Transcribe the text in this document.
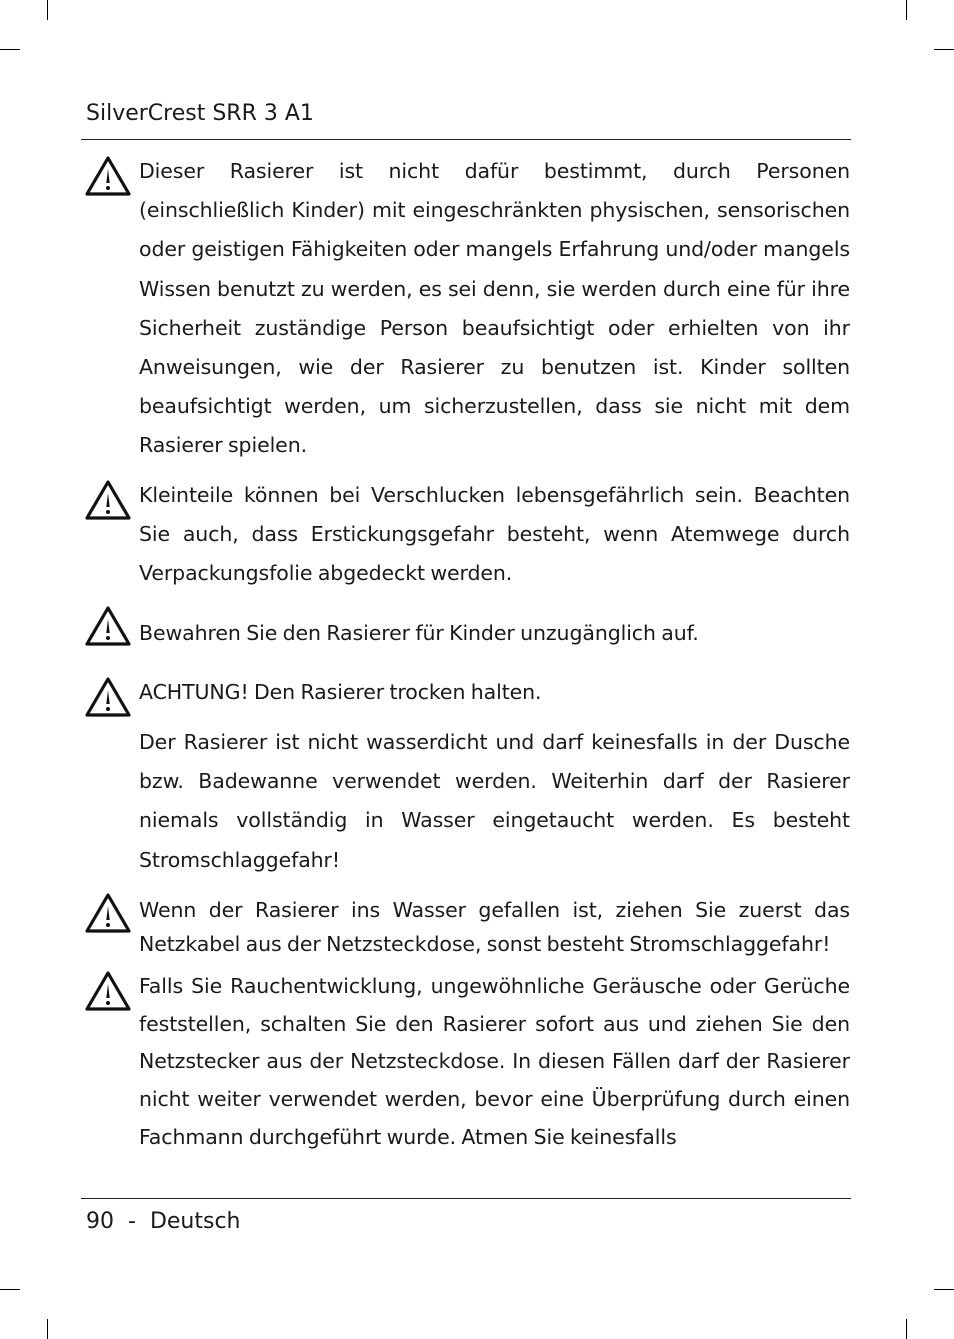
SilverCrest SRR 3 A1

Dieser Rasierer ist nicht dafür bestimmt, durch Personen (einschließlich Kinder) mit eingeschränkten physischen, sensorischen oder geistigen Fähigkeiten oder mangels Erfahrung und/oder mangels Wissen benutzt zu werden, es sei denn, sie werden durch eine für ihre Sicherheit zuständige Person beaufsichtigt oder erhielten von ihr Anweisungen, wie der Rasierer zu benutzen ist. Kinder sollten beaufsichtigt werden, um sicherzustellen, dass sie nicht mit dem Rasierer spielen.

Kleinteile können bei Verschlucken lebensgefährlich sein. Beachten Sie auch, dass Erstickungsgefahr besteht, wenn Atemwege durch Verpackungsfolie abgedeckt werden.

Bewahren Sie den Rasierer für Kinder unzugänglich auf.

ACHTUNG! Den Rasierer trocken halten.

Der Rasierer ist nicht wasserdicht und darf keinesfalls in der Dusche bzw. Badewanne verwendet werden. Weiterhin darf der Rasierer niemals vollständig in Wasser eingetaucht werden. Es besteht Stromschlaggefahr!

Wenn der Rasierer ins Wasser gefallen ist, ziehen Sie zuerst das Netzkabel aus der Netzsteckdose, sonst besteht Stromschlaggefahr!

Falls Sie Rauchentwicklung, ungewöhnliche Geräusche oder Gerüche feststellen, schalten Sie den Rasierer sofort aus und ziehen Sie den Netzstecker aus der Netzsteckdose. In diesen Fällen darf der Rasierer nicht weiter verwendet werden, bevor eine Überprüfung durch einen Fachmann durchgeführt wurde. Atmen Sie keinesfalls

90 - Deutsch
